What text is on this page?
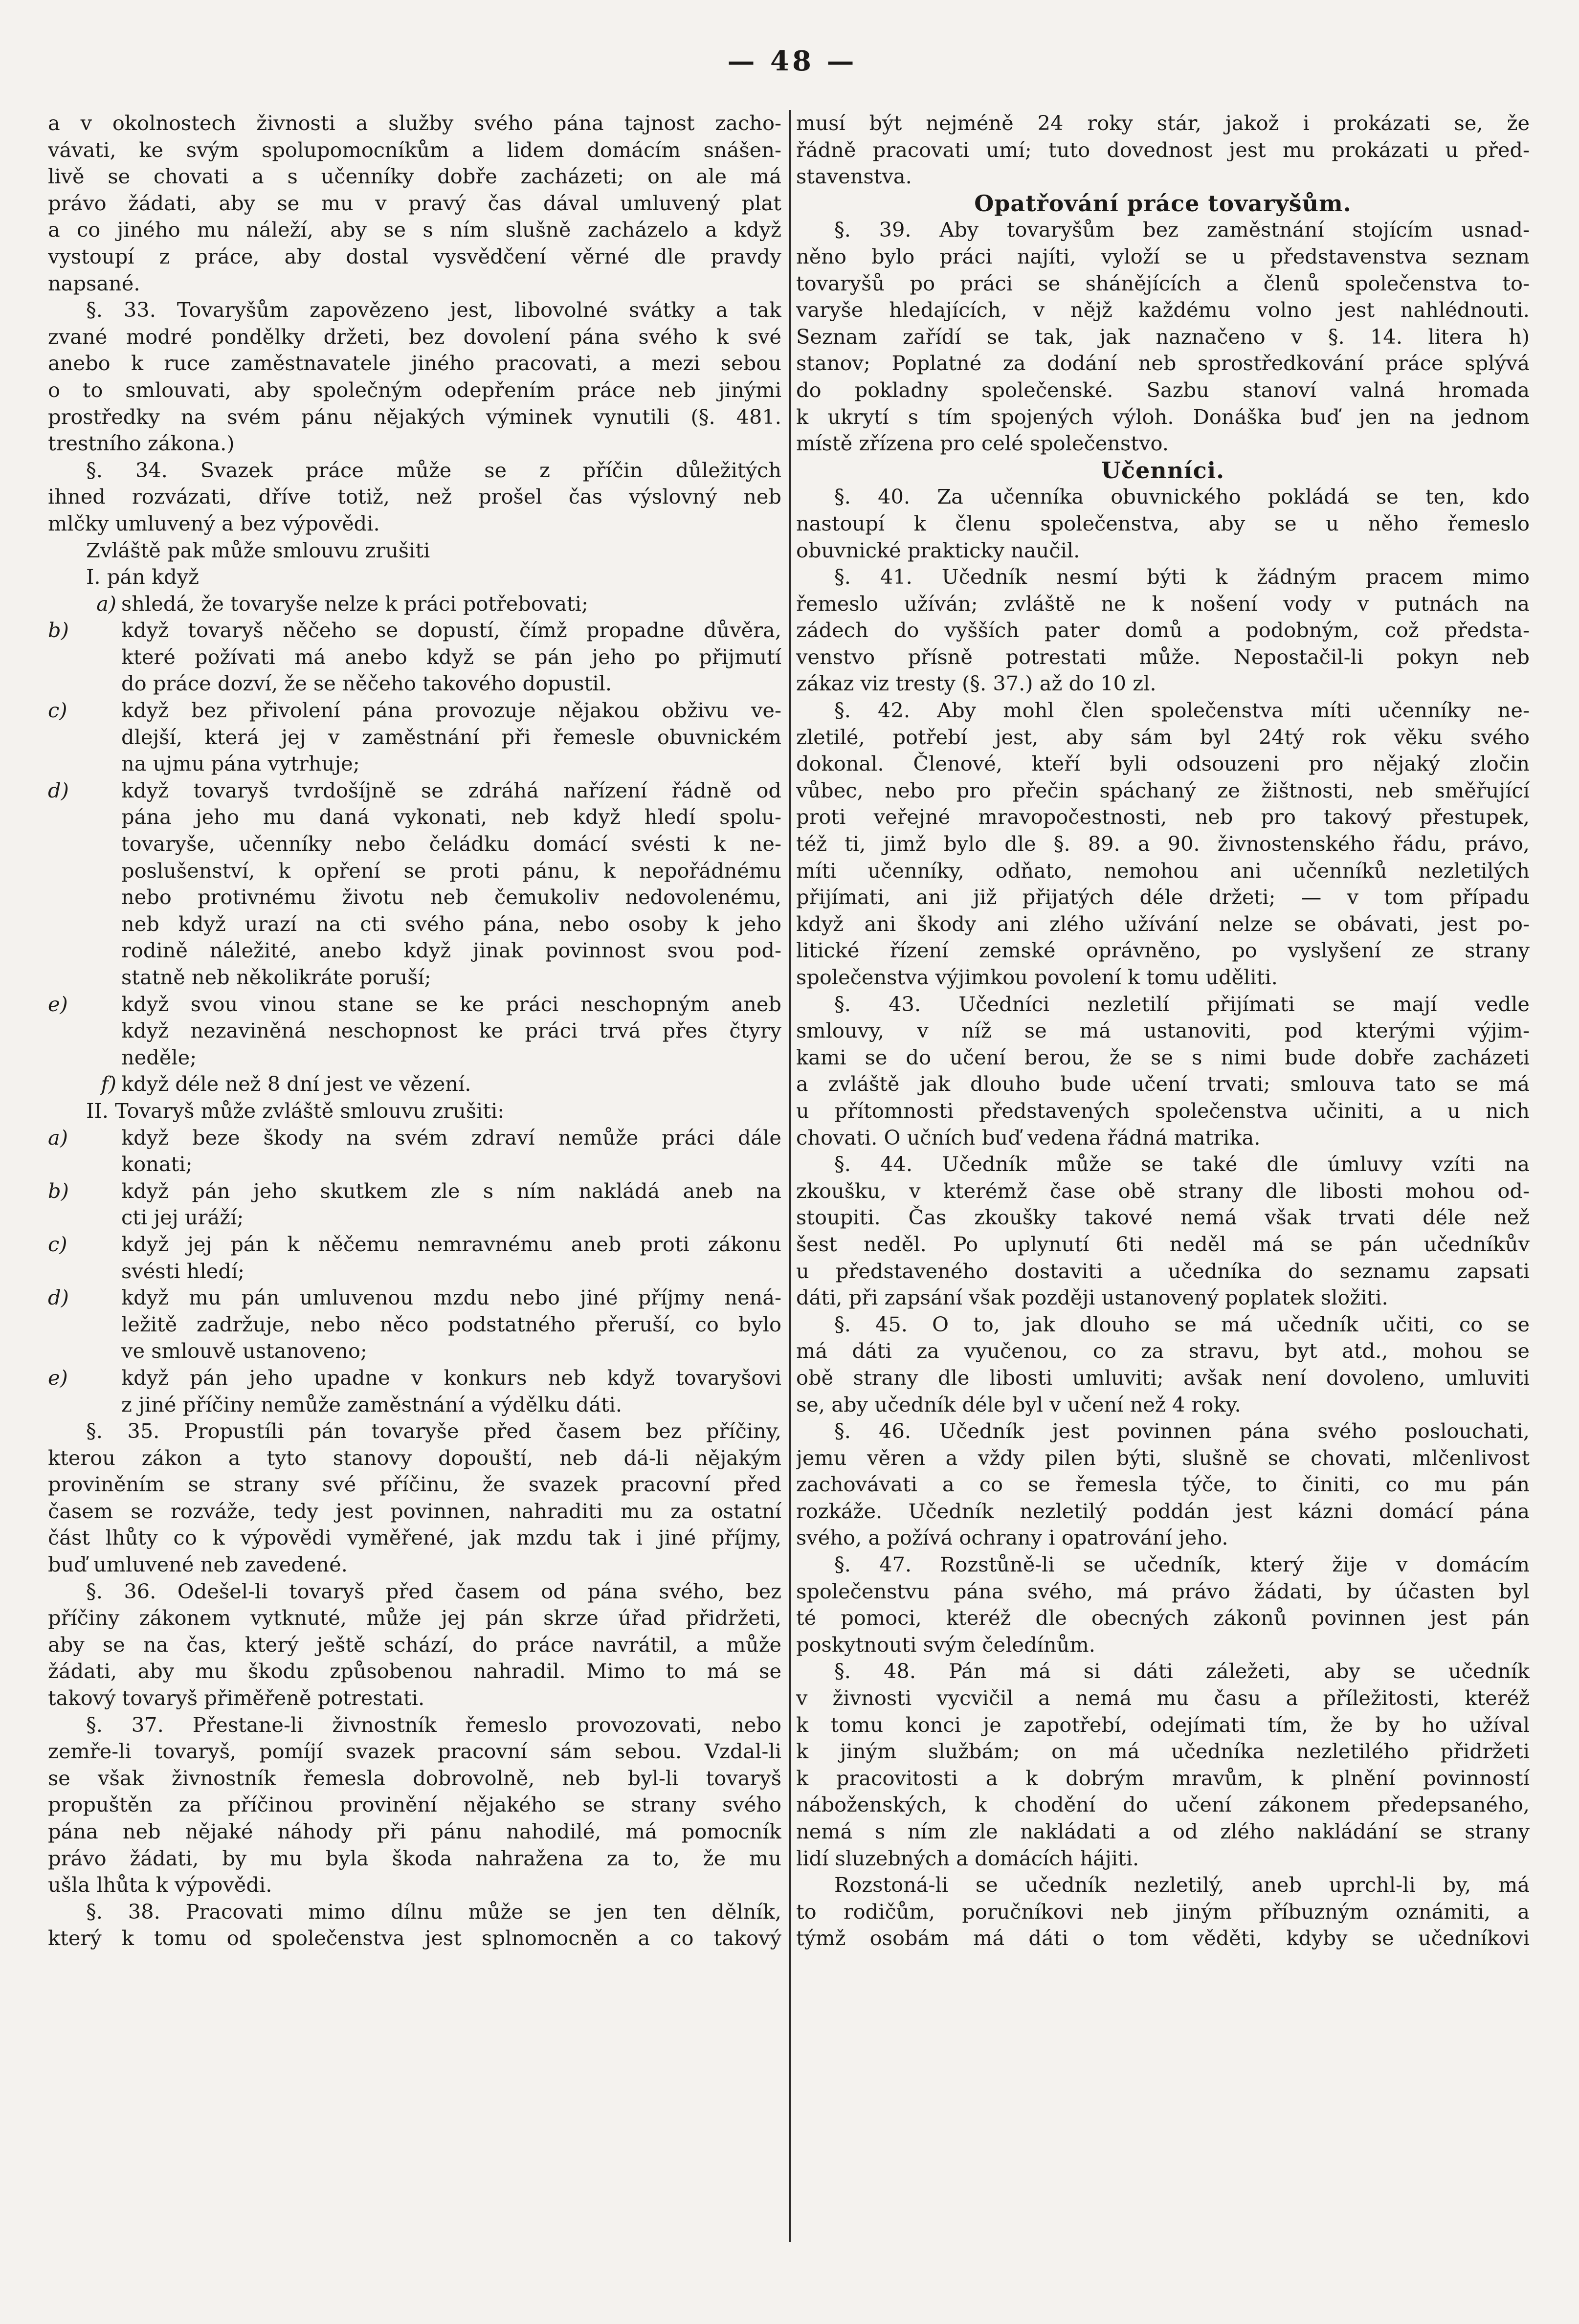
— 48 —
a v okolnostech živnosti a služby svého pána tajnost zacho-
vávati, ke svým spolupomocníkům a lidem domácím snášen-
livě se chovati a s učenníky dobře zacházeti; on ale má
právo žádati, aby se mu v pravý čas dával umluvený plat
a co jiného mu náleží, aby se s ním slušně zacházelo a když
vystoupí z práce, aby dostal vysvědčení věrné dle pravdy
napsané.
§. 33. Tovaryšům zapovězeno jest, libovolné svátky a tak
zvané modré pondělky držeti, bez dovolení pána svého k své
anebo k ruce zaměstnavatele jiného pracovati, a mezi sebou
o to smlouvati, aby společným odepřením práce neb jinými
prostředky na svém pánu nějakých výminek vynutili (§. 481.
trestního zákona.)
§. 34. Svazek práce může se z příčin důležitých
ihned rozvázati, dříve totiž, než prošel čas výslovný neb
mlčky umluvený a bez výpovědi.
Zvláště pak může smlouvu zrušiti
I. pán když
a) shledá, že tovaryše nelze k práci potřebovati;
b)	když tovaryš něčeho se dopustí, čímž propadne důvěra,
které požívati má anebo když se pán jeho po přijmutí
do práce dozví, že se něčeho takového dopustil.
c)	když bez přivolení pána provozuje nějakou obživu ve-
dlejší, která jej v zaměstnání při řemesle obuvnickém
na ujmu pána vytrhuje;
d)	když tovaryš tvrdošíjně se zdráhá nařízení řádně od
pána jeho mu daná vykonati, neb když hledí spolu-
tovaryše, učenníky nebo čeládku domácí svésti k ne-
poslušenství, k opření se proti pánu, k nepořádnému
nebo protivnému životu neb čemukoliv nedovolenému,
neb když urazí na cti svého pána, nebo osoby k jeho
rodině náležité, anebo když jinak povinnost svou pod-
statně neb několikráte poruší;
e)	když svou vinou stane se ke práci neschopným aneb
když nezaviněná neschopnost ke práci trvá přes čtyry
neděle;
f) když déle než 8 dní jest ve vězení.
II. Tovaryš může zvláště smlouvu zrušiti:
a)	když beze škody na svém zdraví nemůže práci dále
konati;
b)	když pán jeho skutkem zle s ním nakládá aneb na
cti jej uráží;
c)	když jej pán k něčemu nemravnému aneb proti zákonu
svésti hledí;
d)	když mu pán umluvenou mzdu nebo jiné příjmy nená-
ležitě zadržuje, nebo něco podstatného přeruší, co bylo
ve smlouvě ustanoveno;
e)	když pán jeho upadne v konkurs neb když tovaryšovi
z jiné příčiny nemůže zaměstnání a výdělku dáti.
§. 35. Propustíli pán tovaryše před časem bez příčiny,
kterou zákon a tyto stanovy dopouští, neb dá-li nějakým
proviněním se strany své příčinu, že svazek pracovní před
časem se rozváže, tedy jest povinnen, nahraditi mu za ostatní
část lhůty co k výpovědi vyměřené, jak mzdu tak i jiné příjmy,
buď umluvené neb zavedené.
§. 36. Odešel-li tovaryš před časem od pána svého, bez
příčiny zákonem vytknuté, může jej pán skrze úřad přidržeti,
aby se na čas, který ještě schází, do práce navrátil, a může
žádati, aby mu škodu způsobenou nahradil. Mimo to má se
takový tovaryš přiměřeně potrestati.
§. 37. Přestane-li živnostník řemeslo provozovati, nebo
zemře-li tovaryš, pomíjí svazek pracovní sám sebou. Vzdal-li
se však živnostník řemesla dobrovolně, neb byl-li tovaryš
propuštěn za příčinou provinění nějakého se strany svého
pána neb nějaké náhody při pánu nahodilé, má pomocník
právo žádati, by mu byla škoda nahražena za to, že mu
ušla lhůta k výpovědi.
§. 38. Pracovati mimo dílnu může se jen ten dělník,
který k tomu od společenstva jest splnomocněn a co takový
musí být nejméně 24 roky stár, jakož i prokázati se, že
řádně pracovati umí; tuto dovednost jest mu prokázati u před-
stavenstva.
Opatřování práce tovaryšům.
§. 39. Aby tovaryšům bez zaměstnání stojícím usnad-
něno bylo práci najíti, vyloží se u představenstva seznam
tovaryšů po práci se sháněјících a členů společenstva to-
varyše hledajících, v nějž každému volno jest nahlédnouti.
Seznam zařídí se tak, jak naznačeno v §. 14. litera h)
stanov; Poplatné za dodání neb sprostředkování práce splývá
do pokladny společenské. Sazbu stanoví valná hromada
k ukrytí s tím spojených výloh. Donáška buď jen na jednom
místě zřízena pro celé společenstvo.
Učenníci.
§. 40. Za učenníka obuvnického pokládá se ten, kdo
nastoupí k členu společenstva, aby se u něho řemeslo
obuvnické prakticky naučil.
§. 41. Učedník nesmí býti k žádným pracem mimo
řemeslo užíván; zvláště ne k nošení vody v putnách na
zádech do vyšších pater domů a podobným, což předsta-
venstvo přísně potrestati může. Nepostačil-li pokyn neb
zákaz viz tresty (§. 37.) až do 10 zl.
§. 42. Aby mohl člen společenstva míti učenníky ne-
zletilé, potřebí jest, aby sám byl 24tý rok věku svého
dokonal. Členové, kteří byli odsouzeni pro nějaký zločin
vůbec, nebo pro přečin spáchaný ze žištnosti, neb směřující
proti veřejné mravopočestnosti, neb pro takový přestupek,
též ti, jimž bylo dle §. 89. a 90. živnostenského řádu, právo,
míti učenníky, odňato, nemohou ani učenníků nezletilých
přijímati, ani již přijatých déle držeti; — v tom případu
když ani škody ani zlého užívání nelze se obávati, jest po-
litické řízení zemské oprávněno, po vyslyšení ze strany
společenstva výjimkou povolení k tomu uděliti.
§. 43. Učedníci nezletilí přijímati se mají vedle
smlouvy, v níž se má ustanoviti, pod kterými výjim-
kami se do učení berou, že se s nimi bude dobře zacházeti
a zvláště jak dlouho bude učení trvati; smlouva tato se má
u přítomnosti představených společenstva učiniti, a u nich
chovati. O učních buď vedena řádná matrika.
§. 44. Učedník může se také dle úmluvy vzíti na
zkoušku, v kterémž čase obě strany dle libosti mohou od-
stoupiti. Čas zkoušky takové nemá však trvati déle než
šest neděl. Po uplynutí 6ti neděl má se pán učedníkův
u představeného dostaviti a učedníka do seznamu zapsati
dáti, při zapsání však později ustanovený poplatek složiti.
§. 45. O to, jak dlouho se má učedník učiti, co se
má dáti za vyučenou, co za stravu, byt atd., mohou se
obě strany dle libosti umluviti; avšak není dovoleno, umluviti
se, aby učedník déle byl v učení než 4 roky.
§. 46. Učedník jest povinnen pána svého poslouchati,
jemu věren a vždy pilen býti, slušně se chovati, mlčenlivost
zachovávati a co se řemesla týče, to činiti, co mu pán
rozkáže. Učedník nezletilý poddán jest kázni domácí pána
svého, a požívá ochrany i opatrování jeho.
§. 47. Rozstůně-li se učedník, který žije v domácím
společenstvu pána svého, má právo žádati, by účasten byl
té pomoci, kteréž dle obecných zákonů povinnen jest pán
poskytnouti svým čeledínům.
§. 48. Pán má si dáti záležeti, aby se učedník
v živnosti vycvičil a nemá mu času a příležitosti, kteréž
k tomu konci je zapotřebí, odejímati tím, že by ho užíval
k jiným službám; on má učedníka nezletilého přidržeti
k pracovitosti a k dobrým mravům, k plnění povinností
náboženských, k chodění do učení zákonem předepsaného,
nemá s ním zle nakládati a od zlého nakládání se strany
lidí sluzebných a domácích hájiti.
Rozstoná-li se učedník nezletilý, aneb uprchl-li by, má
to rodičům, poručníkovi neb jiným příbuzným oznámiti, a
týmž osobám má dáti o tom věděti, kdyby se učedníkovi
